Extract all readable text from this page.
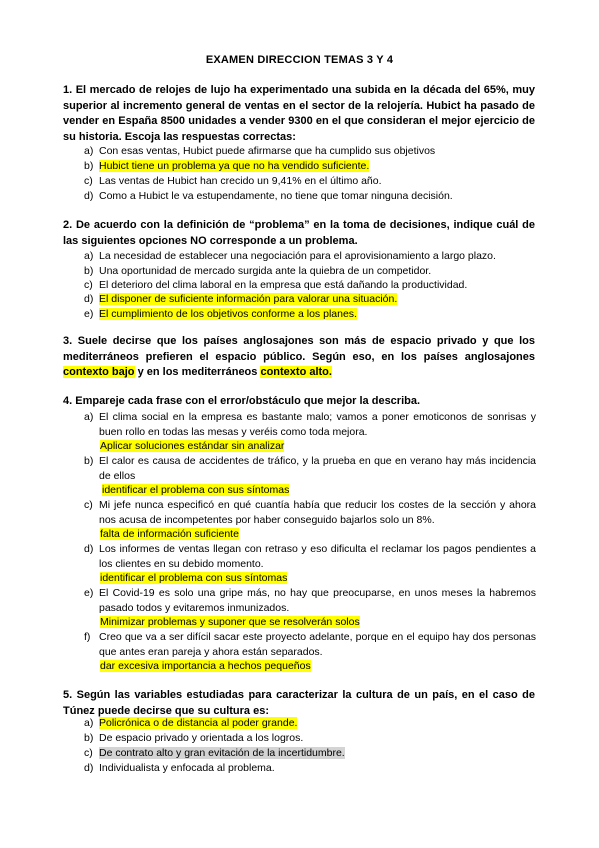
EXAMEN DIRECCION TEMAS 3 Y 4
1. El mercado de relojes de lujo ha experimentado una subida en la década del 65%, muy superior al incremento general de ventas en el sector de la relojería. Hubict ha pasado de vender en España 8500 unidades a vender 9300 en el que consideran el mejor ejercicio de su historia. Escoja las respuestas correctas:
a) Con esas ventas, Hubict puede afirmarse que ha cumplido sus objetivos
b) Hubict tiene un problema ya que no ha vendido suficiente.
c) Las ventas de Hubict han crecido un 9,41% en el último año.
d) Como a Hubict le va estupendamente, no tiene que tomar ninguna decisión.
2. De acuerdo con la definición de “problema” en la toma de decisiones, indique cuál de las siguientes opciones NO corresponde a un problema.
a) La necesidad de establecer una negociación para el aprovisionamiento a largo plazo.
b) Una oportunidad de mercado surgida ante la quiebra de un competidor.
c) El deterioro del clima laboral en la empresa que está dañando la productividad.
d) El disponer de suficiente información para valorar una situación.
e) El cumplimiento de los objetivos conforme a los planes.
3. Suele decirse que los países anglosajones son más de espacio privado y que los mediterráneos prefieren el espacio público. Según eso, en los países anglosajones contexto bajo y en los mediterráneos contexto alto.
4. Empareje cada frase con el error/obstáculo que mejor la describa.
a) El clima social en la empresa es bastante malo; vamos a poner emoticonos de sonrisas y buen rollo en todas las mesas y veréis como toda mejora.
Aplicar soluciones estándar sin analizar
b) El calor es causa de accidentes de tráfico, y la prueba en que en verano hay más incidencia de ellos
identificar el problema con sus síntomas
c) Mi jefe nunca especificó en qué cuantía había que reducir los costes de la sección y ahora nos acusa de incompetentes por haber conseguido bajarlos solo un 8%.
falta de información suficiente
d) Los informes de ventas llegan con retraso y eso dificulta el reclamar los pagos pendientes a los clientes en su debido momento.
identificar el problema con sus síntomas
e) El Covid-19 es solo una gripe más, no hay que preocuparse, en unos meses la habremos pasado todos y evitaremos inmunizados.
Minimizar problemas y suponer que se resolverán solos
f) Creo que va a ser difícil sacar este proyecto adelante, porque en el equipo hay dos personas que antes eran pareja y ahora están separados.
dar excesiva importancia a hechos pequeños
5. Según las variables estudiadas para caracterizar la cultura de un país, en el caso de Túnez puede decirse que su cultura es:
a) Policrónica o de distancia al poder grande.
b) De espacio privado y orientada a los logros.
c) De contrato alto y gran evitación de la incertidumbre.
d) Individualista y enfocada al problema.
